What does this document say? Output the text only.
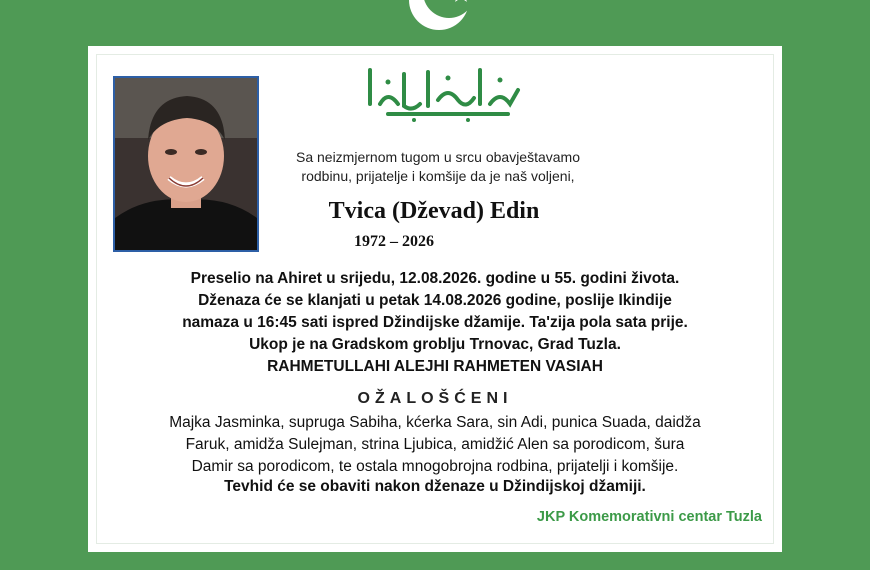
Sa neizmjernom tugom u srcu obavještavamo
rodbinu, prijatelje i komšije da je naš voljeni,
Tvica (Dževad) Edin
1972 – 2026
Preselio na Ahiret u srijedu, 12.08.2026. godine u 55. godini života.
Dženaza će se klanjati u petak 14.08.2026 godine, poslije Ikindije
namaza u 16:45 sati ispred Džindijske džamije. Ta'zija pola sata prije.
Ukop je na Gradskom groblju Trnovac, Grad Tuzla.
RAHMETULLAHI ALEJHI RAHMETEN VASIAH
OŽALOŠĆENI
Majka Jasminka, supruga Sabiha, kćerka Sara, sin Adi, punica Suada, daidža
Faruk, amidža Sulejman, strina Ljubica, amidžić Alen sa porodicom, šura
Damir sa porodicom, te ostala mnogobrojna rodbina, prijatelji i komšije.
Tevhid će se obaviti nakon dženaze u Džindijskoj džamiji.
JKP Komemorativni centar Tuzla
